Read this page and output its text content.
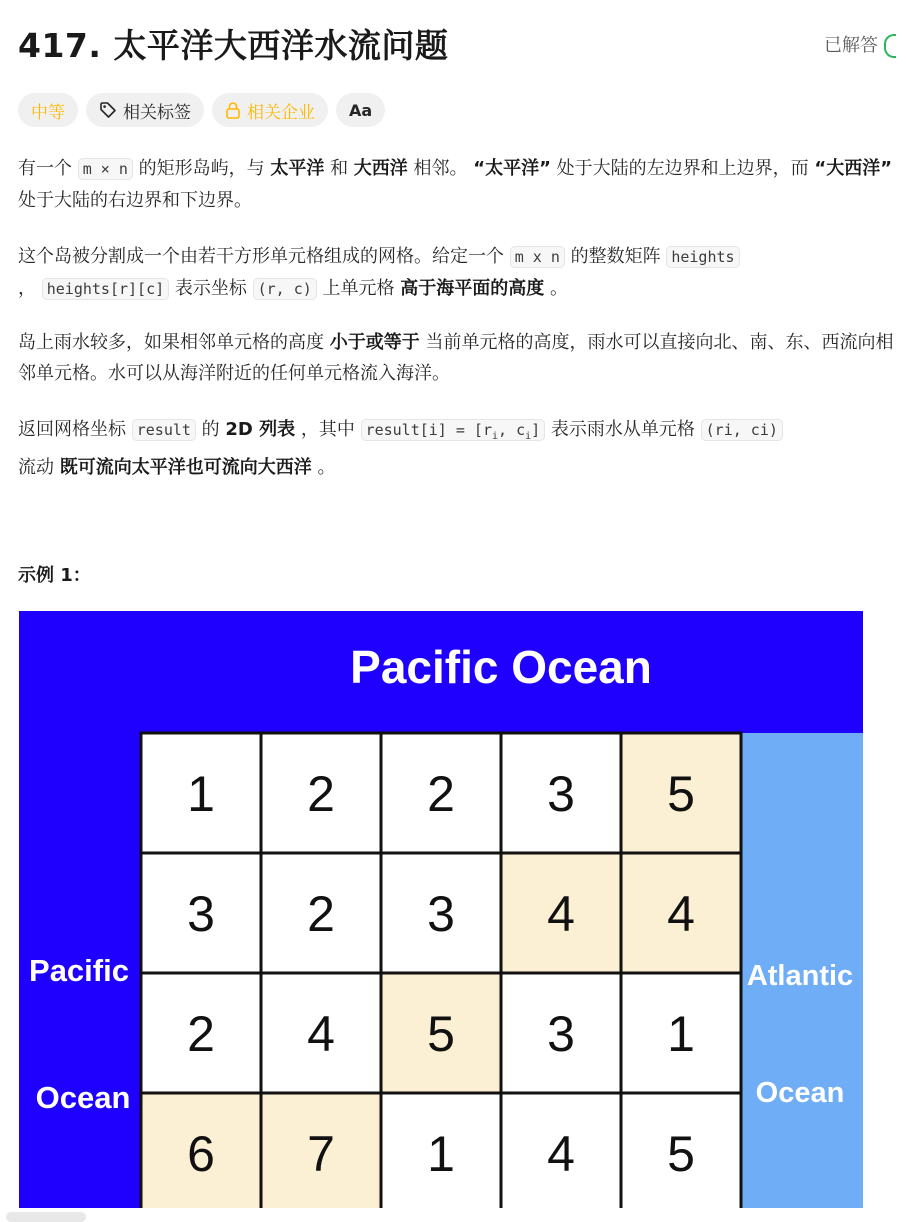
417. 太平洋大西洋水流问题	已解答
中等	相关标签	相关企业 Aa
有一个 m × n 的矩形岛屿，与 太平洋 和 大西洋 相邻。 “太平洋” 处于大陆的左边界和上边界，而 “大西洋” 处于大陆的右边界和下边界。
这个岛被分割成一个由若干方形单元格组成的网格。给定一个 m x n 的整数矩阵 heights ， heights[r][c] 表示坐标 (r, c) 上单元格 高于海平面的高度 。
岛上雨水较多，如果相邻单元格的高度 小于或等于 当前单元格的高度，雨水可以直接向北、南、东、西流向相邻单元格。水可以从海洋附近的任何单元格流入海洋。
返回网格坐标 result 的 2D 列表 ，其中 result[i] = [$r_i$, $c_i$] 表示雨水从单元格 (ri, ci)
流动 既可流向太平洋也可流向大西洋 。
示例 1：
Pacific Ocean
Pacific
Ocean
Atlantic
Ocean
1 2 2 3 5
3 2 3 4 4
2 4 5 3 1
6 7 1 4 5
